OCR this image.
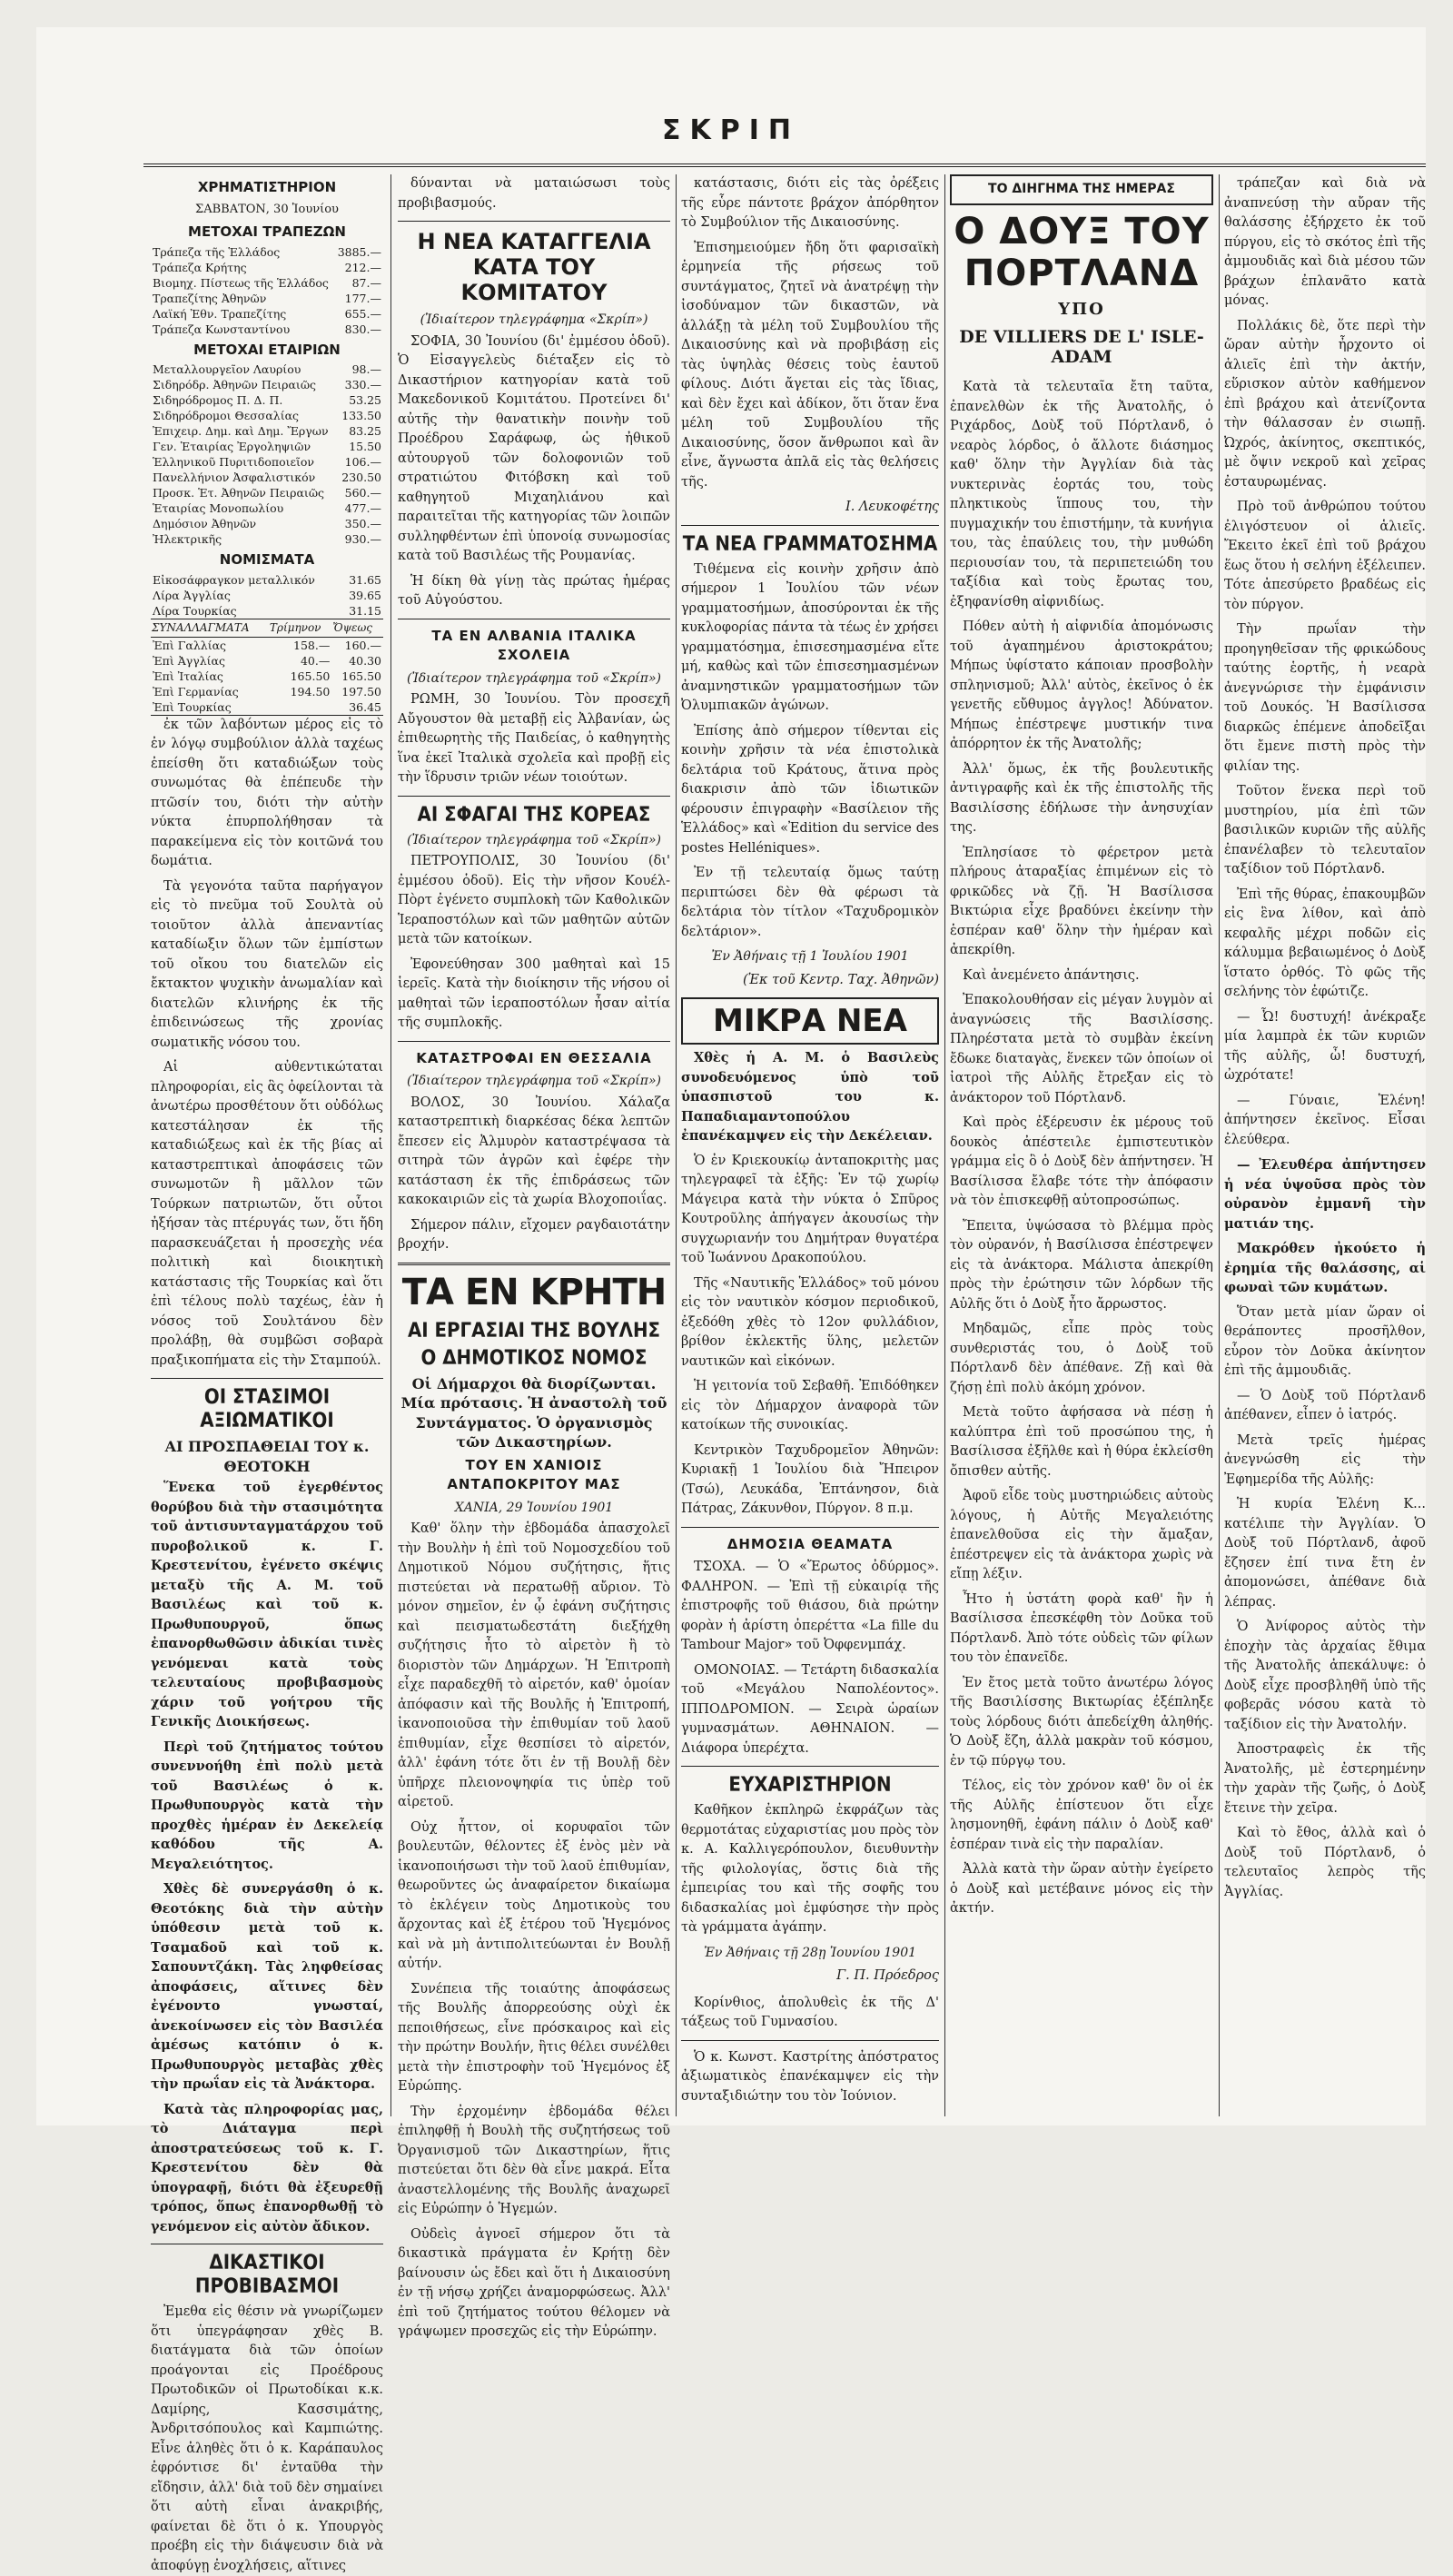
ΣΚΡΙΠ
ΧΡΗΜΑΤΙΣΤΗΡΙΟΝ
ΣΑΒΒΑΤΟΝ, 30 Ἰουνίου
ΜΕΤΟΧΑΙ ΤΡΑΠΕΖΩΝ
Τράπεζα τῆς Ἑλλάδος	3885.—
Τράπεζα Κρήτης	212.—
Βιομηχ. Πίστεως τῆς Ἑλλάδος	87.—
Τραπεζίτης Ἀθηνῶν	177.—
Λαϊκή Ἐθν. Τραπεζίτης	655.—
Τράπεζα Κωνσταντίνου	830.—
ΜΕΤΟΧΑΙ ΕΤΑΙΡΙΩΝ
Μεταλλουργεῖον Λαυρίου	98.—
Σιδηρόδρ. Ἀθηνῶν Πειραιῶς	330.—
Σιδηρόδρομος Π. Δ. Π.	53.25
Σιδηρόδρομοι Θεσσαλίας	133.50
Ἐπιχειρ. Δημ. καὶ Δημ. Ἔργων	83.25
Γεν. Ἑταιρίας Ἐργοληψιῶν	15.50
Ἑλληνικοῦ Πυριτιδοποιεῖον	106.—
Πανελλήνιον Ἀσφαλιστικόν	230.50
Προσκ. Ἑτ. Ἀθηνῶν Πειραιῶς	560.—
Ἑταιρίας Μονοπωλίου	477.—
Δημόσιον Ἀθηνῶν	350.—
Ἠλεκτρικῆς	930.—
ΝΟΜΙΣΜΑΤΑ
Εἰκοσάφραγκον μεταλλικόν	31.65
Λίρα Ἀγγλίας	39.65
Λίρα Τουρκίας	31.15
ΣΥΝΑΛΛΑΓΜΑΤΑ	Τρίμηνον	Ὄψεως
Ἐπὶ Γαλλίας	158.—	160.—
Ἐπὶ Ἀγγλίας	40.—	40.30
Ἐπὶ Ἰταλίας	165.50	165.50
Ἐπὶ Γερμανίας	194.50	197.50
Ἐπὶ Τουρκίας		36.45

ἐκ τῶν λαβόντων μέρος εἰς τὸ ἐν λόγῳ συμβούλιον ἀλλὰ ταχέως ἐπείσθη ὅτι καταδιώξων τοὺς συνωμότας θὰ ἐπέπευδε τὴν πτῶσίν του, διότι τὴν αὐτὴν νύκτα ἐπυρπολήθησαν τὰ παρακείμενα εἰς τὸν κοιτῶνά του δωμάτια.

Τὰ γεγονότα ταῦτα παρήγαγον εἰς τὸ πνεῦμα τοῦ Σουλτὰ οὐ τοιοῦτον ἀλλὰ ἀπεναντίας καταδίωξιν ὅλων τῶν ἐμπίστων τοῦ οἴκου του διατελῶν εἰς ἔκτακτον ψυχικὴν ἀνωμαλίαν καὶ διατελῶν κλινήρης ἐκ τῆς ἐπιδεινώσεως τῆς χρονίας σωματικῆς νόσου του.

Αἱ αὐθεντικώταται πληροφορίαι, εἰς ἃς ὀφείλονται τὰ ἀνωτέρω προσθέτουν ὅτι οὐδόλως κατεστάλησαν ἐκ τῆς καταδιώξεως καὶ ἐκ τῆς βίας αἱ καταστρεπτικαὶ ἀποφάσεις τῶν συνωμοτῶν ἢ μᾶλλον τῶν Τούρκων πατριωτῶν, ὅτι οὗτοι ἠξήσαν τὰς πτέρυγάς των, ὅτι ἤδη παρασκευάζεται ἡ προσεχὴς νέα πολιτικὴ καὶ διοικητικὴ κατάστασις τῆς Τουρκίας καὶ ὅτι ἐπὶ τέλους πολὺ ταχέως, ἐὰν ἡ νόσος τοῦ Σουλτάνου δὲν προλάβῃ, θὰ συμβῶσι σοβαρὰ πραξικοπήματα εἰς τὴν Σταμπούλ.

ΟΙ ΣΤΑΣΙΜΟΙ ΑΞΙΩΜΑΤΙΚΟΙ
ΑΙ ΠΡΟΣΠΑΘΕΙΑΙ ΤΟΥ κ. ΘΕΟΤΟΚΗ

Ἕνεκα τοῦ ἐγερθέντος θορύβου διὰ τὴν στασιμότητα τοῦ ἀντισυνταγματάρχου τοῦ πυροβολικοῦ κ. Γ. Κρεστενίτου, ἐγένετο σκέψις μεταξὺ τῆς Α. Μ. τοῦ Βασιλέως καὶ τοῦ κ. Πρωθυπουργοῦ, ὅπως ἐπανορθωθῶσιν ἀδικίαι τινὲς γενόμεναι κατὰ τοὺς τελευταίους προβιβασμοὺς χάριν τοῦ γοήτρου τῆς Γενικῆς Διοικήσεως.

Περὶ τοῦ ζητήματος τούτου συνεννοήθη ἐπὶ πολὺ μετὰ τοῦ Βασιλέως ὁ κ. Πρωθυπουργὸς κατὰ τὴν προχθὲς ἡμέραν ἐν Δεκελείᾳ καθόδου τῆς Α. Μεγαλειότητος.

Χθὲς δὲ συνεργάσθη ὁ κ. Θεοτόκης διὰ τὴν αὐτὴν ὑπόθεσιν μετὰ τοῦ κ. Τσαμαδοῦ καὶ τοῦ κ. Σαπουντζάκη. Τὰς ληφθείσας ἀποφάσεις, αἵτινες δὲν ἐγένοντο γνωσταί, ἀνεκοίνωσεν εἰς τὸν Βασιλέα ἀμέσως κατόπιν ὁ κ. Πρωθυπουργὸς μεταβὰς χθὲς τὴν πρωΐαν εἰς τὰ Ἀνάκτορα.

Κατὰ τὰς πληροφορίας μας, τὸ Διάταγμα περὶ ἀποστρατεύσεως τοῦ κ. Γ. Κρεστενίτου δὲν θὰ ὑπογραφῇ, διότι θὰ ἐξευρεθῇ τρόπος, ὅπως ἐπανορθωθῇ τὸ γενόμενον εἰς αὐτὸν ἄδικον.

ΔΙΚΑΣΤΙΚΟΙ ΠΡΟΒΙΒΑΣΜΟΙ

Ἐμεθα εἰς θέσιν νὰ γνωρίζωμεν ὅτι ὑπεγράφησαν χθὲς Β. διατάγματα διὰ τῶν ὁποίων προάγονται εἰς Προέδρους Πρωτοδικῶν οἱ Πρωτοδίκαι κ.κ. Δαμίρης, Κασσιμάτης, Ἀνδριτσόπουλος καὶ Καμπιώτης. Εἶνε ἀληθὲς ὅτι ὁ κ. Καράπαυλος ἐφρόντισε δι' ἐνταῦθα τὴν εἴδησιν, ἀλλ' διὰ τοῦ δὲν σημαίνει ὅτι αὐτὴ εἶναι ἀνακριβής, φαίνεται δὲ ὅτι ὁ κ. Υπουργὸς προέβη εἰς τὴν διάψευσιν διὰ νὰ ἀποφύγῃ ἐνοχλήσεις, αἵτινες

δύνανται νὰ ματαιώσωσι τοὺς προβιβασμούς.

Η ΝΕΑ ΚΑΤΑΓΓΕΛΙΑ ΚΑΤΑ ΤΟΥ ΚΟΜΙΤΑΤΟΥ
(Ἰδιαίτερον τηλεγράφημα «Σκρίπ»)

ΣΟΦΙΑ, 30 Ἰουνίου (δι' ἐμμέσου ὁδοῦ). Ὁ Εἰσαγγελεὺς διέταξεν εἰς τὸ Δικαστήριον κατηγορίαν κατὰ τοῦ Μακεδονικοῦ Κομιτάτου. Πρoτείνει δι' αὐτῆς τὴν θανατικὴν ποινὴν τοῦ Προέδρου Σαράφωφ, ὡς ἠθικοῦ αὐτουργοῦ τῶν δολοφονιῶν τοῦ στρατιώτου Φιτόβσκη καὶ τοῦ καθηγητοῦ Μιχαηλιάνου καὶ παραιτεῖται τῆς κατηγορίας τῶν λοιπῶν συλληφθέντων ἐπὶ ὑπονοίᾳ συνωμοσίας κατὰ τοῦ Βασιλέως τῆς Ρουμανίας.

Ἡ δίκη θὰ γίνῃ τὰς πρώτας ἡμέρας τοῦ Αὐγούστου.

ΤΑ ΕΝ ΑΛΒΑΝΙΑ ΙΤΑΛΙΚΑ ΣΧΟΛΕΙΑ
(Ἰδιαίτερον τηλεγράφημα τοῦ «Σκρίπ»)

ΡΩΜΗ, 30 Ἰουνίου. Τὸν προσεχῆ Αὔγουστον θὰ μεταβῇ εἰς Ἀλβανίαν, ὡς ἐπιθεωρητὴς τῆς Παιδείας, ὁ καθηγητὴς ἵνα ἐκεῖ Ἰταλικὰ σχολεῖα καὶ προβῇ εἰς τὴν ἵδρυσιν τριῶν νέων τοιούτων.

ΑΙ ΣΦΑΓΑΙ ΤΗΣ ΚΟΡΕΑΣ
(Ἰδιαίτερον τηλεγράφημα τοῦ «Σκρίπ»)

ΠΕΤΡΟΥΠΟΛΙΣ, 30 Ἰουνίου (δι' ἐμμέσου ὁδοῦ). Εἰς τὴν νῆσον Κουέλ-Πὸρτ ἐγένετο συμπλοκὴ τῶν Καθολικῶν Ἱεραποστόλων καὶ τῶν μαθητῶν αὐτῶν μετὰ τῶν κατοίκων.

Ἐφονεύθησαν 300 μαθηταὶ καὶ 15 ἱερεῖς. Κατὰ τὴν διοίκησιν τῆς νήσου οἱ μαθηταὶ τῶν ἱεραποστόλων ἦσαν αἰτία τῆς συμπλοκῆς.

ΚΑΤΑΣΤΡΟΦΑΙ ΕΝ ΘΕΣΣΑΛΙΑ
(Ἰδιαίτερον τηλεγράφημα τοῦ «Σκρίπ»)

ΒΟΛΟΣ, 30 Ἰουνίου. Χάλαζα καταστρεπτικὴ διαρκέσας δέκα λεπτῶν ἔπεσεν εἰς Ἀλμυρὸν καταστρέψασα τὰ σιτηρὰ τῶν ἀγρῶν καὶ ἐφέρε τὴν κατάσταση ἐκ τῆς ἐπιδράσεως τῶν κακοκαιριῶν εἰς τὰ χωρία Βλοχοποιΐας.

Σήμερον πάλιν, εἴχομεν ραγδαιοτάτην βροχήν.

ΤΑ ΕΝ ΚΡΗΤΗ
ΑΙ ΕΡΓΑΣΙΑΙ ΤΗΣ ΒΟΥΛΗΣ
Ο ΔΗΜΟΤΙΚΟΣ ΝΟΜΟΣ
Οἱ Δήμαρχοι θὰ διορίζωνται. Μία πρότασις. Ἡ ἀναστολὴ τοῦ Συντάγματος. Ὁ ὀργανισμὸς τῶν Δικαστηρίων.
ΤΟΥ ΕΝ ΧΑΝΙΟΙΣ ΑΝΤΑΠΟΚΡΙΤΟΥ ΜΑΣ
ΧΑΝΙΑ, 29 Ἰουνίου 1901

Καθ' ὅλην τὴν ἑβδομάδα ἀπασχολεῖ τὴν Βουλὴν ἡ ἐπὶ τοῦ Νομοσχεδίου τοῦ Δημοτικοῦ Νόμου συζήτησις, ἥτις πιστεύεται νὰ περατωθῇ αὔριον. Τὸ μόνον σημεῖον, ἐν ᾧ ἐφάνη συζήτησις καὶ πεισματωδεστάτη διεξήχθη συζήτησις ἦτο τὸ αἱρετὸν ἢ τὸ διοριστὸν τῶν Δημάρχων. Ἡ Ἐπιτροπὴ εἶχε παραδεχθῆ τὸ αἱρετόν, καθ' ὁμοίαν ἀπόφασιν καὶ τῆς Βουλῆς ἡ Ἐπιτροπή, ἱκανοποιοῦσα τὴν ἐπιθυμίαν τοῦ λαοῦ ἐπιθυμίαν, εἶχε θεσπίσει τὸ αἱρετόν, ἀλλ' ἐφάνη τότε ὅτι ἐν τῇ Βουλῇ δὲν ὑπῆρχε πλειονοψηφία τις ὑπὲρ τοῦ αἱρετοῦ.

Οὐχ ἧττον, οἱ κορυφαῖοι τῶν βουλευτῶν, θέλοντες ἐξ ἑνὸς μὲν νὰ ἱκανοποιήσωσι τὴν τοῦ λαοῦ ἐπιθυμίαν, θεωροῦντες ὡς ἀναφαίρετον δικαίωμα τὸ ἐκλέγειν τοὺς Δημοτικοὺς του ἄρχοντας καὶ ἐξ ἑτέρου τοῦ Ἡγεμόνος καὶ νὰ μὴ ἀντιπολιτεύωνται ἐν Βουλῇ αὐτήν.

Συνέπεια τῆς τοιαύτης ἀποφάσεως τῆς Βουλῆς ἀπορρεούσης οὐχὶ ἐκ πεποιθήσεως, εἶνε πρόσκαιρος καὶ εἰς τὴν πρώτην Βουλήν, ἣτις θέλει συνέλθει μετὰ τὴν ἐπιστροφὴν τοῦ Ἡγεμόνος ἐξ Εὐρώπης.

Τὴν ἐρχομένην ἑβδομάδα θέλει ἐπιληφθῇ ἡ Βουλὴ τῆς συζητήσεως τοῦ Ὀργανισμοῦ τῶν Δικαστηρίων, ἥτις πιστεύεται ὅτι δὲν θὰ εἶνε μακρά. Εἶτα ἀναστελλομένης τῆς Βουλῆς ἀναχωρεῖ εἰς Εὐρώπην ὁ Ἡγεμών.

Οὐδεὶς ἀγνοεῖ σήμερον ὅτι τὰ δικαστικὰ πράγματα ἐν Κρήτῃ δὲν βαίνουσιν ὡς ἔδει καὶ ὅτι ἡ Δικαιοσύνη ἐν τῇ νήσῳ χρήζει ἀναμορφώσεως. Ἀλλ' ἐπὶ τοῦ ζητήματος τούτου θέλομεν νὰ γράψωμεν προσεχῶς εἰς τὴν Εὐρώπην.

κατάστασις, διότι εἰς τὰς ὀρέξεις τῆς εὗρε πάντοτε βράχον ἀπόρθητον τὸ Συμβούλιον τῆς Δικαιοσύνης.

Ἐπισημειούμεν ἤδη ὅτι φαρισαϊκὴ ἑρμηνεία τῆς ρήσεως τοῦ συντάγματος, ζητεῖ νὰ ἀνατρέψῃ τὴν ἰσοδύναμον τῶν δικαστῶν, νὰ ἀλλάξῃ τὰ μέλη τοῦ Συμβουλίου τῆς Δικαιοσύνης καὶ νὰ προβιβάσῃ εἰς τὰς ὑψηλὰς θέσεις τοὺς ἑαυτοῦ φίλους. Διότι ἄγεται εἰς τὰς ἴδιας, καὶ δὲν ἔχει καὶ ἀδίκον, ὅτι ὅταν ἕνα μέλη τοῦ Συμβουλίου τῆς Δικαιοσύνης, ὅσον ἄνθρωποι καὶ ἂν εἶνε, ἄγνωστα ἀπλᾶ εἰς τὰς θελήσεις τῆς.

Ι. Λευκοφέτης
ΤΑ ΝΕΑ ΓΡΑΜΜΑΤΟΣΗΜΑ

Τιθέμενα εἰς κοινὴν χρῆσιν ἀπὸ σήμερον 1 Ἰουλίου τῶν νέων γραμματοσήμων, ἀποσύρονται ἐκ τῆς κυκλοφορίας πάντα τὰ τέως ἐν χρήσει γραμματόσημα, ἐπισεσημασμένα εἴτε μή, καθὼς καὶ τῶν ἐπισεσημασμένων ἀναμνηστικῶν γραμματοσήμων τῶν Ὀλυμπιακῶν ἀγώνων.

Ἐπίσης ἀπὸ σήμερον τίθενται εἰς κοινὴν χρῆσιν τὰ νέα ἐπιστολικὰ δελτάρια τοῦ Κράτους, ἅτινα πρὸς διακρισιν ἀπὸ τῶν ἰδιωτικῶν φέρουσιν ἐπιγραφὴν «Βασίλειον τῆς Ἑλλάδος» καὶ «Ἐdition du service des postes Helléniques».

Ἐν τῇ τελευταίᾳ ὅμως ταύτῃ περιπτώσει δὲν θὰ φέρωσι τὰ δελτάρια τὸν τίτλον «Ταχυδρομικὸν δελτάριον».

Ἐν Ἀθήναις τῇ 1 Ἰουλίου 1901
(Ἐκ τοῦ Κεντρ. Ταχ. Ἀθηνῶν)
ΜΙΚΡΑ ΝΕΑ

Χθὲς ἡ Α. Μ. ὁ Βασιλεὺς συνοδευόμενος ὑπὸ τοῦ ὑπασπιστοῦ του κ. Παπαδιαμαντοπούλου ἐπανέκαμψεν εἰς τὴν Δεκέλειαν.

Ὁ ἐν Κριεκουκίῳ ἀνταποκριτὴς μας τηλεγραφεῖ τὰ ἑξῆς: Ἐν τῷ χωρίῳ Μάγειρα κατὰ τὴν νύκτα ὁ Σπῦρος Κουτροῦλης ἀπήγαγεν ἀκουσίως τὴν συγχωριανήν του Δημήτραν θυγατέρα τοῦ Ἰωάννου Δρακοπούλου.

Τῆς «Ναυτικῆς Ἑλλάδος» τοῦ μόνου εἰς τὸν ναυτικὸν κόσμον περιοδικοῦ, ἐξεδόθη χθὲς τὸ 12ον φυλλάδιον, βρίθον ἐκλεκτῆς ὕλης, μελετῶν ναυτικῶν καὶ εἰκόνων.

Ἡ γειτονία τοῦ Σεβαθῆ. Ἐπιδόθηκεν εἰς τὸν Δήμαρχον ἀναφορὰ τῶν κατοίκων τῆς συνοικίας.

Κεντρικὸν Ταχυδρομεῖον Ἀθηνῶν: Κυριακῇ 1 Ἰουλίου διὰ Ἤπειρον (Τσώ), Λευκάδα, Ἐπτάνησον, διὰ Πάτρας, Ζάκυνθον, Πύργον. 8 π.μ.

ΔΗΜΟΣΙΑ ΘΕΑΜΑΤΑ

ΤΣΟΧΑ. — Ὁ «Ἔρωτος ὀδύρμος». ΦΑΛΗΡΟΝ. — Ἐπὶ τῇ εὐκαιρίᾳ τῆς ἐπιστροφῆς τοῦ θιάσου, διὰ πρώτην φορὰν ἡ ἀρίστη ὀπερέττα «La fille du Tambour Major» τοῦ Ὀφφενμπάχ.

ΟΜΟΝΟΙΑΣ. — Τετάρτη διδασκαλία τοῦ «Μεγάλου Ναπολέοντος». ΙΠΠΟΔΡΟΜΙΟΝ. — Σειρὰ ὡραίων γυμνασμάτων. ΑΘΗΝΑΙΟΝ. — Διάφορα ὑπερέχτα.

ΕΥΧΑΡΙΣΤΗΡΙΟΝ

Καθῆκον ἐκπληρῶ ἐκφράζων τὰς θερμοτάτας εὐχαριστίας μου πρὸς τὸν κ. Α. Καλλιγερόπουλον, διευθυντὴν τῆς φιλολογίας, ὅστις διὰ τῆς ἐμπειρίας του καὶ τῆς σοφῆς του διδασκαλίας μοὶ ἐμφύσησε τὴν πρὸς τὰ γράμματα ἀγάπην.

Ἐν Ἀθήναις τῇ 28ῃ Ἰουνίου 1901
Γ. Π. Πρόεδρος

Κορίνθιος, ἀπολυθεὶς ἐκ τῆς Δ' τάξεως τοῦ Γυμνασίου.

Ὁ κ. Κωνστ. Καστρίτης ἀπόστρατος ἀξιωματικὸς ἐπανέκαμψεν εἰς τὴν συνταξιδιώτην του τὸν Ἰούνιον.

ΤΟ ΔΙΗΓΗΜΑ ΤΗΣ ΗΜΕΡΑΣ
Ο ΔΟΥΞ ΤΟΥ ΠΟΡΤΛΑΝΔ
ΥΠΟ
DE VILLIERS DE L' ISLE-ADAM

Κατὰ τὰ τελευταῖα ἔτη ταῦτα, ἐπανελθὼν ἐκ τῆς Ἀνατολῆς, ὁ Ριχάρδος, Δοὺξ τοῦ Πόρτλανδ, ὁ νεαρὸς λόρδος, ὁ ἄλλοτε διάσημος καθ' ὅλην τὴν Ἀγγλίαν διὰ τὰς νυκτερινὰς ἑορτάς του, τοὺς πληκτικοὺς ἵππους του, τὴν πυγμαχικήν του ἐπιστήμην, τὰ κυνήγια του, τὰς ἐπαύλεις του, τὴν μυθώδη περιουσίαν του, τὰ περιπετειώδη του ταξίδια καὶ τοὺς ἔρωτας του, ἐξηφανίσθη αἰφνιδίως.

Πόθεν αὐτὴ ἡ αἰφνιδία ἀπομόνωσις τοῦ ἀγαπημένου ἀριστοκράτου; Μήπως ὑφίστατο κάποιαν προσβολὴν σπληνισμοῦ; Ἀλλ' αὐτὸς, ἐκεῖνος ὁ ἐκ γενετῆς εὔθυμος ἀγγλος! Ἀδύνατον. Μήπως ἐπέστρεψε μυστικήν τινα ἀπόρρητον ἐκ τῆς Ἀνατολῆς;

Ἀλλ' ὅμως, ἐκ τῆς βουλευτικῆς ἀντιγραφῆς καὶ ἐκ τῆς ἐπιστολῆς τῆς Βασιλίσσης ἐδήλωσε τὴν ἀνησυχίαν της.

Ἐπλησίασε τὸ φέρετρον μετὰ πλήρους ἀταραξίας ἐπιμένων εἰς τὸ φρικῶδες νὰ ζῇ. Ἡ Βασίλισσα Βικτώρια εἶχε βραδύνει ἐκείνην τὴν ἑσπέραν καθ' ὅλην τὴν ἡμέραν καὶ ἀπεκρίθη.

Καὶ ἀνεμένετο ἀπάντησις.

Ἐπακολουθήσαν εἰς μέγαν λυγμὸν αἱ ἀναγνώσεις τῆς Βασιλίσσης. Πληρέστατα μετὰ τὸ συμβὰν ἐκείνη ἔδωκε διαταγὰς, ἕνεκεν τῶν ὁποίων οἱ ἰατροὶ τῆς Αὐλῆς ἔτρεξαν εἰς τὸ ἀνάκτορον τοῦ Πόρτλανδ.

Καὶ πρὸς ἐξέρευσιν ἐκ μέρους τοῦ δουκὸς ἀπέστειλε ἐμπιστευτικὸν γράμμα εἰς ὃ ὁ Δοὺξ δὲν ἀπήντησεν. Ἡ Βασίλισσα ἔλαβε τότε τὴν ἀπόφασιν νὰ τὸν ἐπισκεφθῇ αὐτοπροσώπως.

Ἔπειτα, ὑψώσασα τὸ βλέμμα πρὸς τὸν οὐρανόν, ἡ Βασίλισσα ἐπέστρεψεν εἰς τὰ ἀνάκτορα. Μάλιστα ἀπεκρίθη πρὸς τὴν ἐρώτησιν τῶν λόρδων τῆς Αὐλῆς ὅτι ὁ Δοὺξ ἦτο ἄρρωστος.

Μηδαμῶς, εἶπε πρὸς τοὺς συνθεριστάς του, ὁ Δοὺξ τοῦ Πόρτλανδ δὲν ἀπέθανε. Ζῇ καὶ θὰ ζήσῃ ἐπὶ πολὺ ἀκόμη χρόνον.

Μετὰ τοῦτο ἀφήσασα νὰ πέσῃ ἡ καλύπτρα ἐπὶ τοῦ προσώπου της, ἡ Βασίλισσα ἐξῆλθε καὶ ἡ θύρα ἐκλείσθη ὄπισθεν αὐτῆς.

Ἀφοῦ εἶδε τοὺς μυστηριώδεις αὐτοὺς λόγους, ἡ Αὐτῆς Μεγαλειότης ἐπανελθοῦσα εἰς τὴν ἄμαξαν, ἐπέστρεψεν εἰς τὰ ἀνάκτορα χωρὶς νὰ εἴπῃ λέξιν.

Ἦτο ἡ ὑστάτη φορὰ καθ' ἣν ἡ Βασίλισσα ἐπεσκέφθη τὸν Δοῦκα τοῦ Πόρτλανδ. Ἀπὸ τότε οὐδεὶς τῶν φίλων του τὸν ἐπανεῖδε.

Ἐν ἔτος μετὰ τοῦτο ἀνωτέρω λόγος τῆς Βασιλίσσης Βικτωρίας ἐξέπληξε τοὺς λόρδους διότι ἀπεδείχθη ἀληθής. Ὁ Δοὺξ ἔζη, ἀλλὰ μακρὰν τοῦ κόσμου, ἐν τῷ πύργῳ του.

Τέλος, εἰς τὸν χρόνον καθ' ὃν οἱ ἐκ τῆς Αὐλῆς ἐπίστευον ὅτι εἶχε λησμονηθῆ, ἐφάνη πάλιν ὁ Δοὺξ καθ' ἑσπέραν τινὰ εἰς τὴν παραλίαν.

Ἀλλὰ κατὰ τὴν ὥραν αὐτὴν ἐγείρετο ὁ Δοὺξ καὶ μετέβαινε μόνος εἰς τὴν ἀκτήν.

τράπεζαν καὶ διὰ νὰ ἀναπνεύσῃ τὴν αὔραν τῆς θαλάσσης ἐξήρχετο ἐκ τοῦ πύργου, εἰς τὸ σκότος ἐπὶ τῆς ἀμμουδιᾶς καὶ διὰ μέσου τῶν βράχων ἐπλανᾶτο κατὰ μόνας.

Πολλάκις δὲ, ὅτε περὶ τὴν ὥραν αὐτὴν ἦρχοντο οἱ ἁλιεῖς ἐπὶ τὴν ἀκτήν, εὕρισκον αὐτὸν καθήμενον ἐπὶ βράχου καὶ ἀτενίζοντα τὴν θάλασσαν ἐν σιωπῇ. Ὠχρός, ἀκίνητος, σκεπτικός, μὲ ὄψιν νεκροῦ καὶ χεῖρας ἐσταυρωμένας.

Πρὸ τοῦ ἀνθρώπου τούτου ἐλιγόστευον οἱ ἁλιεῖς. Ἔκειτο ἐκεῖ ἐπὶ τοῦ βράχου ἕως ὅτου ἡ σελήνη ἐξέλειπεν. Τότε ἀπεσύρετο βραδέως εἰς τὸν πύργον.

Τὴν πρωΐαν τὴν προηγηθεῖσαν τῆς φρικώδους ταύτης ἑορτῆς, ἡ νεαρὰ ἀνεγνώρισε τὴν ἐμφάνισιν τοῦ Δουκός. Ἡ Βασίλισσα διαρκῶς ἐπέμενε ἀποδεῖξαι ὅτι ἔμενε πιστὴ πρὸς τὴν φιλίαν της.

Τοῦτον ἕνεκα περὶ τοῦ μυστηρίου, μία ἐπὶ τῶν βασιλικῶν κυριῶν τῆς αὐλῆς ἐπανέλαβεν τὸ τελευταῖον ταξίδιον τοῦ Πόρτλανδ.

Ἐπὶ τῆς θύρας, ἐπακουμβῶν εἰς ἓνα λίθον, καὶ ἀπὸ κεφαλῆς μέχρι ποδῶν εἰς κάλυμμα βεβαιωμένος ὁ Δοὺξ ἵστατο ὀρθός. Τὸ φῶς τῆς σελήνης τὸν ἐφώτιζε.

— Ὦ! δυστυχή! ἀνέκραξε μία λαμπρὰ ἐκ τῶν κυριῶν τῆς αὐλῆς, ὦ! δυστυχή, ὠχρότατε!

— Γύναιε, Ἑλένη! ἀπήντησεν ἐκεῖνος. Εἶσαι ἐλεύθερα.

— Ἐλευθέρα ἀπήντησεν ἡ νέα ὑψοῦσα πρὸς τὸν οὐρανὸν ἐμμανῆ τὴν ματιάν της.

Μακρόθεν ἠκούετο ἡ ἐρημία τῆς θαλάσσης, αἱ φωναὶ τῶν κυμάτων.

Ὅταν μετὰ μίαν ὥραν οἱ θεράποντες προσῆλθον, εὗρον τὸν Δοῦκα ἀκίνητον ἐπὶ τῆς ἀμμουδιᾶς.

— Ὁ Δοὺξ τοῦ Πόρτλανδ ἀπέθανεν, εἶπεν ὁ ἰατρός.

Μετὰ τρεῖς ἡμέρας ἀνεγνώσθη εἰς τὴν Ἐφημερίδα τῆς Αὐλῆς:

Ἡ κυρία Ἑλένη Κ... κατέλιπε τὴν Ἀγγλίαν. Ὁ Δοὺξ τοῦ Πόρτλανδ, ἀφοῦ ἔζησεν ἐπί τινα ἔτη ἐν ἀπομονώσει, ἀπέθανε διὰ λέπρας.

Ὁ Ἀνίφορος αὐτὸς τὴν ἐποχὴν τὰς ἀρχαίας ἔθιμα τῆς Ἀνατολῆς ἀπεκάλυψε: ὁ Δοὺξ εἶχε προσβληθῆ ὑπὸ τῆς φοβερᾶς νόσου κατὰ τὸ ταξίδιον εἰς τὴν Ἀνατολήν.

Ἀποστραφεὶς ἐκ τῆς Ἀνατολῆς, μὲ ἐστερημένην τὴν χαρὰν τῆς ζωῆς, ὁ Δοὺξ ἔτεινε τὴν χεῖρα.

Καὶ τὸ ἔθος, ἀλλὰ καὶ ὁ Δοὺξ τοῦ Πόρτλανδ, ὁ τελευταῖος λεπρὸς τῆς Ἀγγλίας.
